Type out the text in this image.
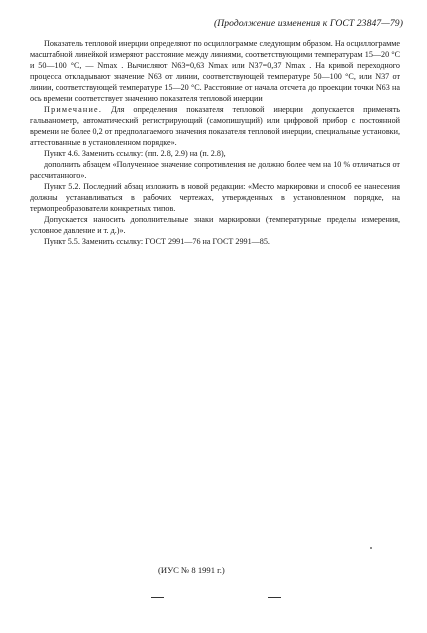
(Продолжение изменения к ГОСТ 23847—79)

Показатель тепловой инерции определяют по осциллограмме следующим образом. На осциллограмме масштабной линейкой измеряют расстояние между линиями, соответствующими температурам 15—20 °С и 50—100 °С, — Nmax . Вычисляют N63=0,63 Nmax или N37=0,37 Nmax . На кривой переходного процесса откладывают значение N63 от линии, соответствующей температуре 50—100 °С, или N37 от линии, соответствующей температуре 15—20 °С. Расстояние от начала отсчета до проекции точки N63 на ось времени соответствует значению показателя тепловой инерции

Примечание. Для определения показателя тепловой инерции допускается применять гальванометр, автоматический регистрирующий (самопишущий) или цифровой прибор с постоянной времени не более 0,2 от предполагаемого значения показателя тепловой инерции, специальные установки, аттестованные в установленном порядке».

Пункт 4.6. Заменить ссылку: (пп. 2.8, 2.9) на (п. 2.8),

дополнить абзацем «Полученное значение сопротивления не должно более чем на 10 % отличаться от рассчитанного».

Пункт 5.2. Последний абзац изложить в новой редакции: «Место маркировки и способ ее нанесения должны устанавливаться в рабочих чертежах, утвержденных в установленном порядке, на термопреобразователи конкретных типов.

Допускается наносить дополнительные знаки маркировки (температурные пределы измерения, условное давление и т. д.)».

Пункт 5.5. Заменить ссылку: ГОСТ 2991—76 на ГОСТ 2991—85.

(ИУС № 8 1991 г.)
